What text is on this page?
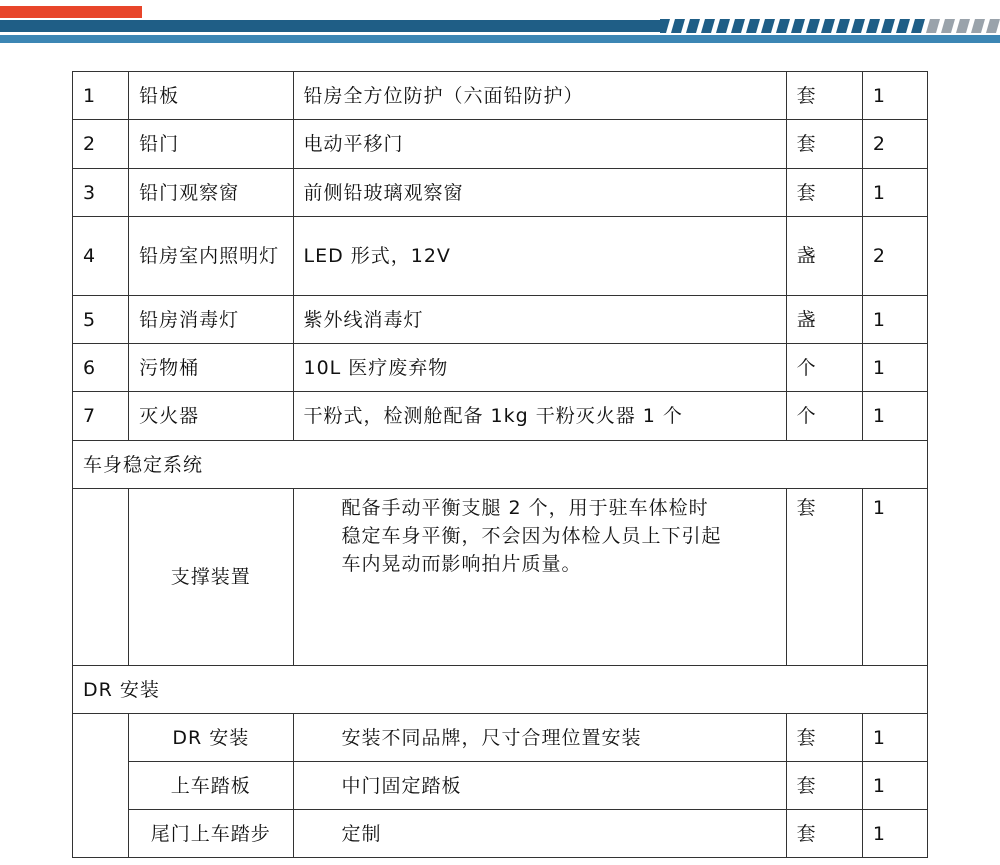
1	铅板	铅房全方位防护（六面铅防护）	套	1
2	铅门	电动平移门	套	2
3	铅门观察窗	前侧铅玻璃观察窗	套	1
4	铅房室内照明灯	LED 形式，12V	盏	2
5	铅房消毒灯	紫外线消毒灯	盏	1
6	污物桶	10L 医疗废弃物	个	1
7	灭火器	干粉式，检测舱配备 1kg 干粉灭火器 1 个	个	1
车身稳定系统				
	支撑装置	配备手动平衡支腿 2 个，用于驻车体检时稳定车身平衡，不会因为体检人员上下引起车内晃动而影响拍片质量。	套	1
DR 安装				
	DR 安装	安装不同品牌，尺寸合理位置安装	套	1
	上车踏板	中门固定踏板	套	1
	尾门上车踏步	定制	套	1
